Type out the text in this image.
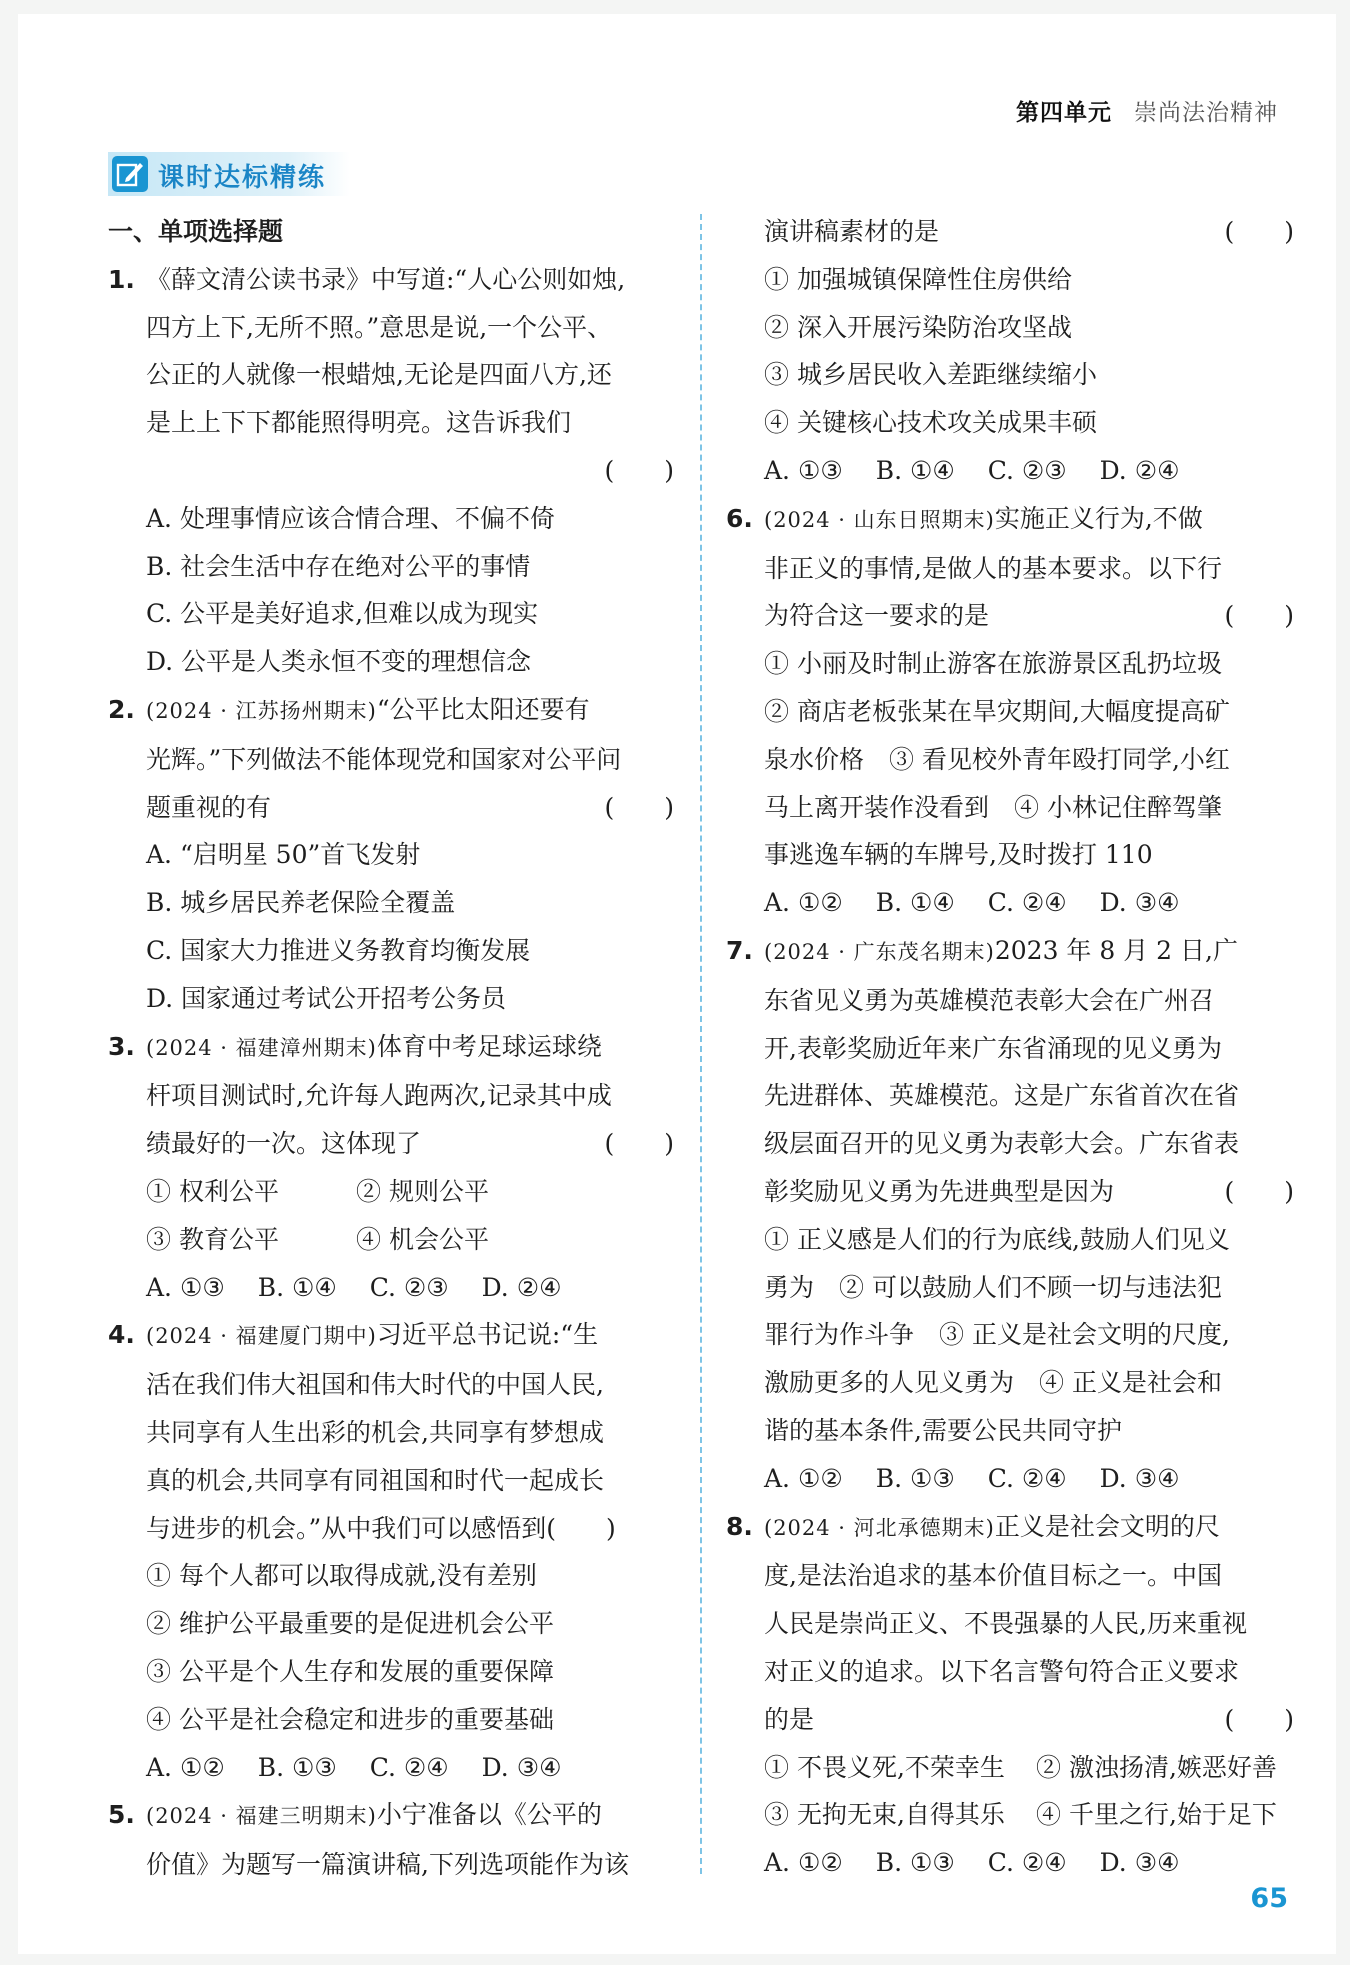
第四单元 崇尚法治精神
课时达标精练

一、单项选择题

1. 《薛文清公读书录》中写道:“人心公则如烛,

四方上下,无所不照。”意思是说,一个公平、

公正的人就像一根蜡烛,无论是四面八方,还

是上上下下都能照得明亮。这告诉我们

(　　)

A. 处理事情应该合情合理、不偏不倚

B. 社会生活中存在绝对公平的事情

C. 公平是美好追求,但难以成为现实

D. 公平是人类永恒不变的理想信念

2. (2024 · 江苏扬州期末)“公平比太阳还要有

光辉。”下列做法不能体现党和国家对公平问

题重视的有	(　　)

A. “启明星 50”首飞发射

B. 城乡居民养老保险全覆盖

C. 国家大力推进义务教育均衡发展

D. 国家通过考试公开招考公务员

3. (2024 · 福建漳州期末)体育中考足球运球绕

杆项目测试时,允许每人跑两次,记录其中成

绩最好的一次。这体现了	(　　)

① 权利公平	② 规则公平

③ 教育公平	④ 机会公平

A. ①③　 B. ①④　 C. ②③　 D. ②④

4. (2024 · 福建厦门期中)习近平总书记说:“生

活在我们伟大祖国和伟大时代的中国人民,

共同享有人生出彩的机会,共同享有梦想成

真的机会,共同享有同祖国和时代一起成长

与进步的机会。”从中我们可以感悟到(　　)

① 每个人都可以取得成就,没有差别

② 维护公平最重要的是促进机会公平

③ 公平是个人生存和发展的重要保障

④ 公平是社会稳定和进步的重要基础

A. ①②　 B. ①③　 C. ②④　 D. ③④

5. (2024 · 福建三明期末)小宁准备以《公平的

价值》为题写一篇演讲稿,下列选项能作为该

演讲稿素材的是	(　　)

① 加强城镇保障性住房供给

② 深入开展污染防治攻坚战

③ 城乡居民收入差距继续缩小

④ 关键核心技术攻关成果丰硕

A. ①③　 B. ①④　 C. ②③　 D. ②④

6. (2024 · 山东日照期末)实施正义行为,不做

非正义的事情,是做人的基本要求。以下行

为符合这一要求的是	(　　)

① 小丽及时制止游客在旅游景区乱扔垃圾

② 商店老板张某在旱灾期间,大幅度提高矿

泉水价格　③ 看见校外青年殴打同学,小红

马上离开装作没看到　④ 小林记住醉驾肇

事逃逸车辆的车牌号,及时拨打 110

A. ①②　 B. ①④　 C. ②④　 D. ③④

7. (2024 · 广东茂名期末)2023 年 8 月 2 日,广

东省见义勇为英雄模范表彰大会在广州召

开,表彰奖励近年来广东省涌现的见义勇为

先进群体、英雄模范。这是广东省首次在省

级层面召开的见义勇为表彰大会。广东省表

彰奖励见义勇为先进典型是因为	(　　)

① 正义感是人们的行为底线,鼓励人们见义

勇为　② 可以鼓励人们不顾一切与违法犯

罪行为作斗争　③ 正义是社会文明的尺度,

激励更多的人见义勇为　④ 正义是社会和

谐的基本条件,需要公民共同守护

A. ①②　 B. ①③　 C. ②④　 D. ③④

8. (2024 · 河北承德期末)正义是社会文明的尺

度,是法治追求的基本价值目标之一。中国

人民是崇尚正义、不畏强暴的人民,历来重视

对正义的追求。以下名言警句符合正义要求

的是	(　　)

① 不畏义死,不荣幸生 ② 激浊扬清,嫉恶好善

③ 无拘无束,自得其乐 ④ 千里之行,始于足下

A. ①②　 B. ①③　 C. ②④　 D. ③④

65
